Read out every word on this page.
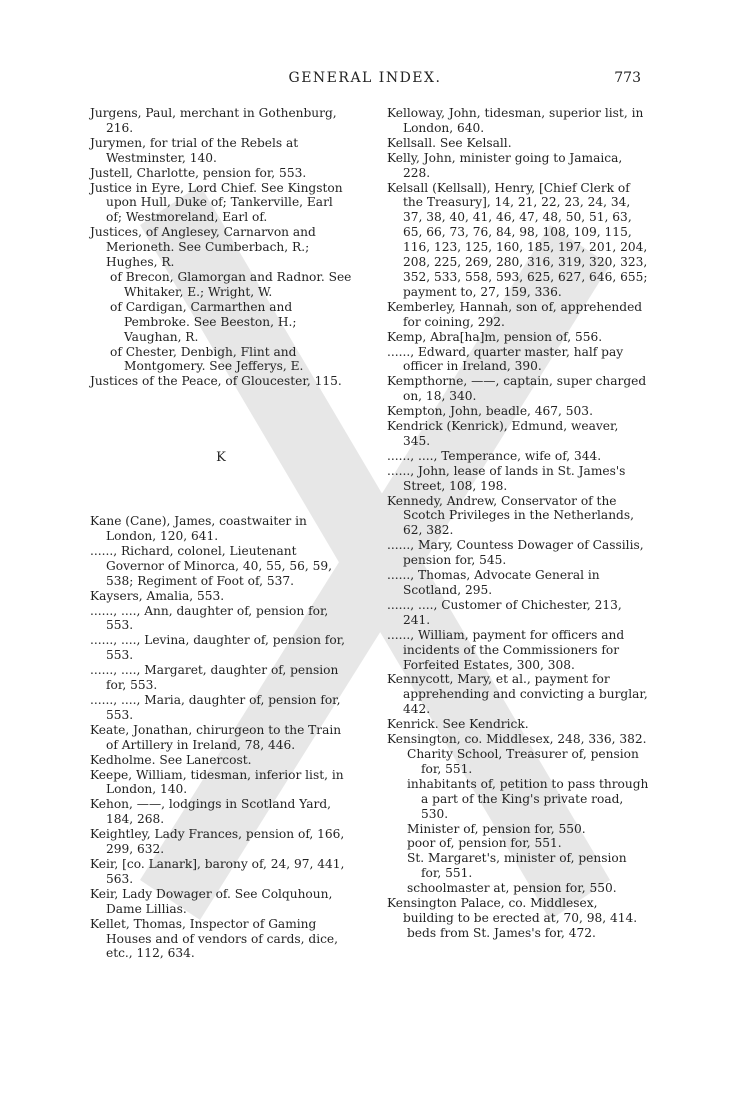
GENERAL INDEX.	773
Jurgens, Paul, merchant in Gothenburg, 216.
Jurymen, for trial of the Rebels at Westminster, 140.
Justell, Charlotte, pension for, 553.
Justice in Eyre, Lord Chief. See Kingston upon Hull, Duke of; Tankerville, Earl of; Westmoreland, Earl of.
Justices, of Anglesey, Carnarvon and Merioneth. See Cumberbach, R.; Hughes, R.
of Brecon, Glamorgan and Radnor. See Whitaker, E.; Wright, W.
of Cardigan, Carmarthen and Pembroke. See Beeston, H.; Vaughan, R.
of Chester, Denbigh, Flint and Montgomery. See Jefferys, E.
Justices of the Peace, of Gloucester, 115.
K
Kane (Cane), James, coastwaiter in London, 120, 641.
......, Richard, colonel, Lieutenant Governor of Minorca, 40, 55, 56, 59, 538; Regiment of Foot of, 537.
Kaysers, Amalia, 553.
......, ...., Ann, daughter of, pension for, 553.
......, ...., Levina, daughter of, pension for, 553.
......, ...., Margaret, daughter of, pension for, 553.
......, ...., Maria, daughter of, pension for, 553.
Keate, Jonathan, chirurgeon to the Train of Artillery in Ireland, 78, 446.
Kedholme. See Lanercost.
Keepe, William, tidesman, inferior list, in London, 140.
Kehon, ——, lodgings in Scotland Yard, 184, 268.
Keightley, Lady Frances, pension of, 166, 299, 632.
Keir, [co. Lanark], barony of, 24, 97, 441, 563.
Keir, Lady Dowager of. See Colquhoun, Dame Lillias.
Kellet, Thomas, Inspector of Gaming Houses and of vendors of cards, dice, etc., 112, 634.
Kelloway, John, tidesman, superior list, in London, 640.
Kellsall. See Kelsall.
Kelly, John, minister going to Jamaica, 228.
Kelsall (Kellsall), Henry, [Chief Clerk of the Treasury], 14, 21, 22, 23, 24, 34, 37, 38, 40, 41, 46, 47, 48, 50, 51, 63, 65, 66, 73, 76, 84, 98, 108, 109, 115, 116, 123, 125, 160, 185, 197, 201, 204, 208, 225, 269, 280, 316, 319, 320, 323, 352, 533, 558, 593, 625, 627, 646, 655; payment to, 27, 159, 336.
Kemberley, Hannah, son of, apprehended for coining, 292.
Kemp, Abra[ha]m, pension of, 556.
......, Edward, quarter master, half pay officer in Ireland, 390.
Kempthorne, ——, captain, super charged on, 18, 340.
Kempton, John, beadle, 467, 503.
Kendrick (Kenrick), Edmund, weaver, 345.
......, ...., Temperance, wife of, 344.
......, John, lease of lands in St. James's Street, 108, 198.
Kennedy, Andrew, Conservator of the Scotch Privileges in the Netherlands, 62, 382.
......, Mary, Countess Dowager of Cassilis, pension for, 545.
......, Thomas, Advocate General in Scotland, 295.
......, ...., Customer of Chichester, 213, 241.
......, William, payment for officers and incidents of the Commissioners for Forfeited Estates, 300, 308.
Kennycott, Mary, et al., payment for apprehending and convicting a burglar, 442.
Kenrick. See Kendrick.
Kensington, co. Middlesex, 248, 336, 382.
Charity School, Treasurer of, pension for, 551.
inhabitants of, petition to pass through a part of the King's private road, 530.
Minister of, pension for, 550.
poor of, pension for, 551.
St. Margaret's, minister of, pension for, 551.
schoolmaster at, pension for, 550.
Kensington Palace, co. Middlesex, building to be erected at, 70, 98, 414.
beds from St. James's for, 472.
